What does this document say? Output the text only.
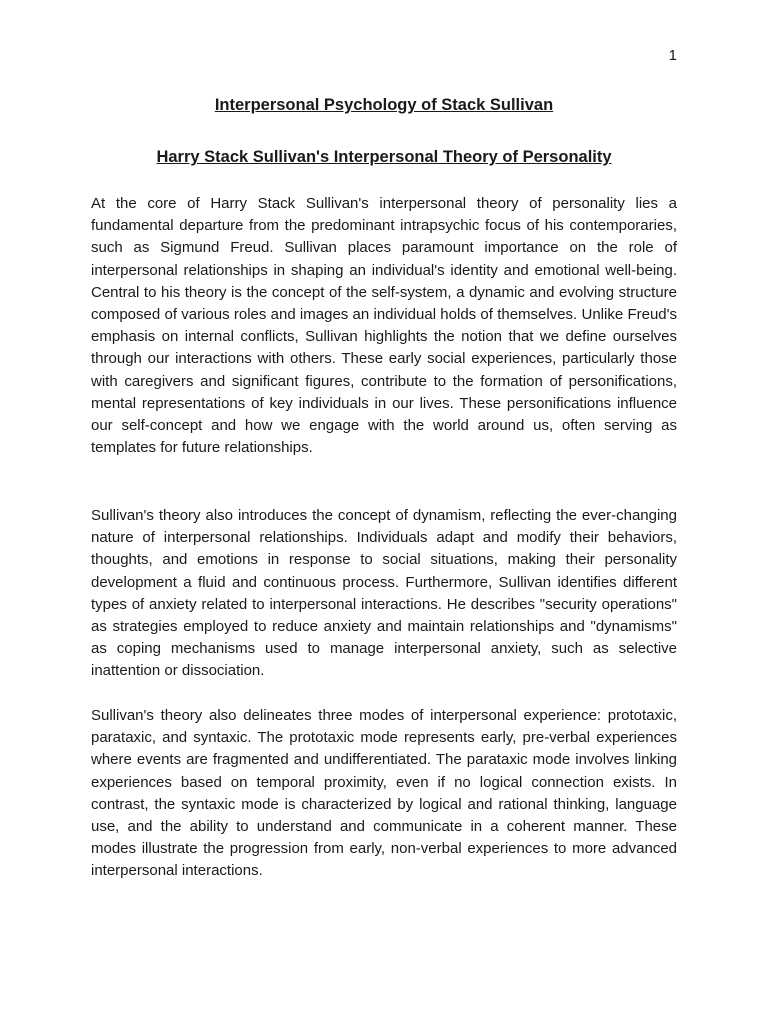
1
Interpersonal Psychology of Stack Sullivan
Harry Stack Sullivan's Interpersonal Theory of Personality

At the core of Harry Stack Sullivan's interpersonal theory of personality lies a fundamental departure from the predominant intrapsychic focus of his contemporaries, such as Sigmund Freud. Sullivan places paramount importance on the role of interpersonal relationships in shaping an individual's identity and emotional well-being. Central to his theory is the concept of the self-system, a dynamic and evolving structure composed of various roles and images an individual holds of themselves. Unlike Freud's emphasis on internal conflicts, Sullivan highlights the notion that we define ourselves through our interactions with others. These early social experiences, particularly those with caregivers and significant figures, contribute to the formation of personifications, mental representations of key individuals in our lives. These personifications influence our self-concept and how we engage with the world around us, often serving as templates for future relationships.

Sullivan's theory also introduces the concept of dynamism, reflecting the ever-changing nature of interpersonal relationships. Individuals adapt and modify their behaviors, thoughts, and emotions in response to social situations, making their personality development a fluid and continuous process. Furthermore, Sullivan identifies different types of anxiety related to interpersonal interactions. He describes "security operations" as strategies employed to reduce anxiety and maintain relationships and "dynamisms" as coping mechanisms used to manage interpersonal anxiety, such as selective inattention or dissociation.

Sullivan's theory also delineates three modes of interpersonal experience: prototaxic, parataxic, and syntaxic. The prototaxic mode represents early, pre-verbal experiences where events are fragmented and undifferentiated. The parataxic mode involves linking experiences based on temporal proximity, even if no logical connection exists. In contrast, the syntaxic mode is characterized by logical and rational thinking, language use, and the ability to understand and communicate in a coherent manner. These modes illustrate the progression from early, non-verbal experiences to more advanced interpersonal interactions.
